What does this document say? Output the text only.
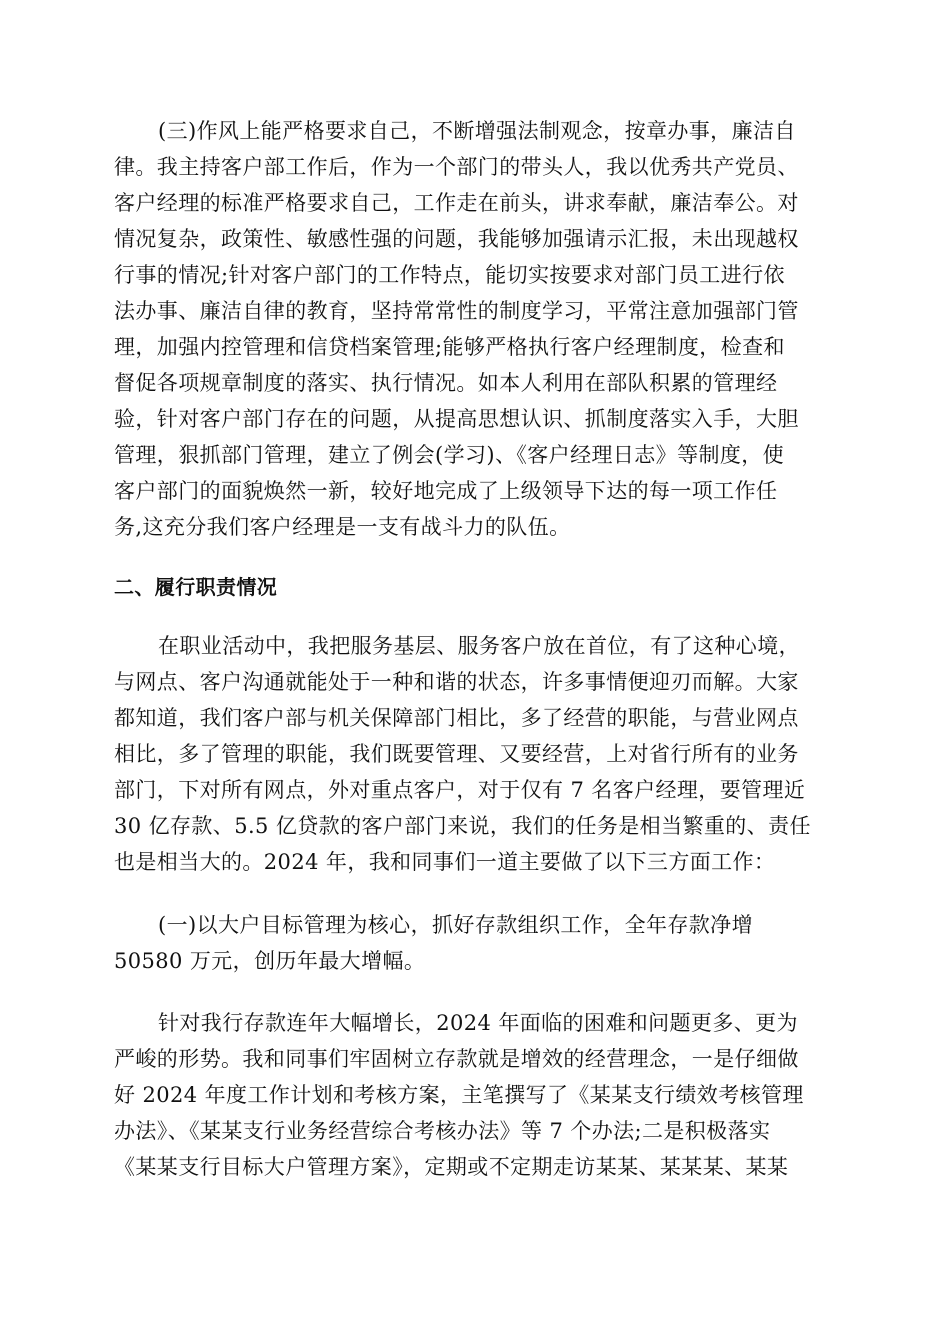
(三)作风上能严格要求自己，不断增强法制观念，按章办事，廉洁自
律。我主持客户部工作后，作为一个部门的带头人，我以优秀共产党员、
客户经理的标准严格要求自己，工作走在前头，讲求奉献，廉洁奉公。对
情况复杂，政策性、敏感性强的问题，我能够加强请示汇报，未出现越权
行事的情况;针对客户部门的工作特点，能切实按要求对部门员工进行依
法办事、廉洁自律的教育，坚持常常性的制度学习，平常注意加强部门管
理，加强内控管理和信贷档案管理;能够严格执行客户经理制度，检查和
督促各项规章制度的落实、执行情况。如本人利用在部队积累的管理经
验，针对客户部门存在的问题，从提高思想认识、抓制度落实入手，大胆
管理，狠抓部门管理，建立了例会(学习)、《客户经理日志》等制度，使
客户部门的面貌焕然一新，较好地完成了上级领导下达的每一项工作任
务,这充分我们客户经理是一支有战斗力的队伍。
二、履行职责情况
在职业活动中，我把服务基层、服务客户放在首位，有了这种心境，
与网点、客户沟通就能处于一种和谐的状态，许多事情便迎刃而解。大家
都知道，我们客户部与机关保障部门相比，多了经营的职能，与营业网点
相比，多了管理的职能，我们既要管理、又要经营，上对省行所有的业务
部门，下对所有网点，外对重点客户，对于仅有 7 名客户经理，要管理近
30 亿存款、5.5 亿贷款的客户部门来说，我们的任务是相当繁重的、责任
也是相当大的。2024 年，我和同事们一道主要做了以下三方面工作：
(一)以大户目标管理为核心，抓好存款组织工作，全年存款净增
50580 万元，创历年最大增幅。
针对我行存款连年大幅增长，2024 年面临的困难和问题更多、更为
严峻的形势。我和同事们牢固树立存款就是增效的经营理念，一是仔细做
好 2024 年度工作计划和考核方案，主笔撰写了《某某支行绩效考核管理
办法》、《某某支行业务经营综合考核办法》等 7 个办法;二是积极落实
《某某支行目标大户管理方案》，定期或不定期走访某某、某某某、某某
